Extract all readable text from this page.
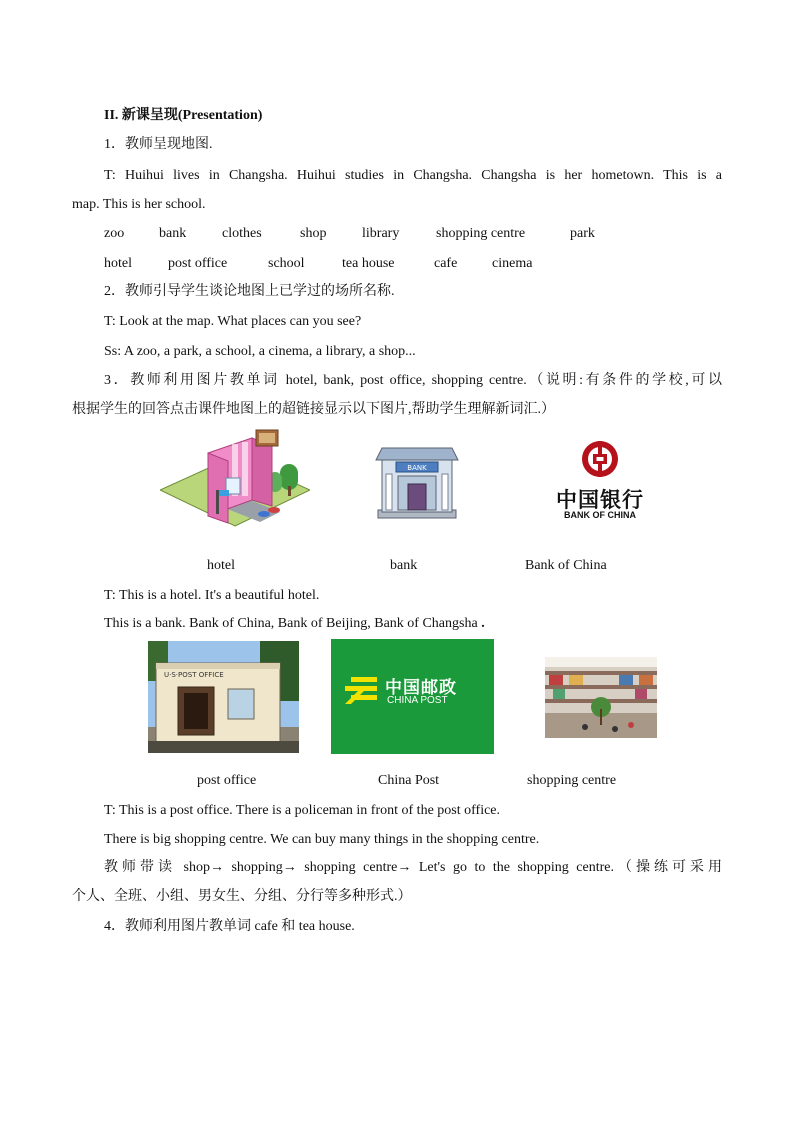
II. 新课呈现(Presentation)
1．教师呈现地图.
T: Huihui lives in Changsha. Huihui studies in Changsha. Changsha is her hometown. This is a
map. This is her school.
zoo bank	clothes	shop	library	shopping centre	park
hotel	post office	school	tea house	cafe cinema
2．教师引导学生谈论地图上已学过的场所名称.
T: Look at the map. What places can you see?
Ss: A zoo, a park, a school, a cinema, a library, a shop...
3．教师利用图片教单词 hotel, bank, post office, shopping centre.（说明:有条件的学校,可以
根据学生的回答点击课件地图上的超链接显示以下图片,帮助学生理解新词汇.）
BANK
中国银行
BANK OF CHINA
hotel	bank	Bank of China
T: This is a hotel. It's a beautiful hotel.
This is a bank. Bank of China, Bank of Beijing, Bank of Changsha .
U·S·POST OFFICE
中国邮政
CHINA POST
post office	China Post	shopping centre
T: This is a post office. There is a policeman in front of the post office.
There is big shopping centre. We can buy many things in the shopping centre.
教师带读 shop→ shopping→ shopping centre→ Let's go to the shopping centre.（操练可采用
个人、全班、小组、男女生、分组、分行等多种形式.）
4．教师利用图片教单词 cafe 和 tea house.
